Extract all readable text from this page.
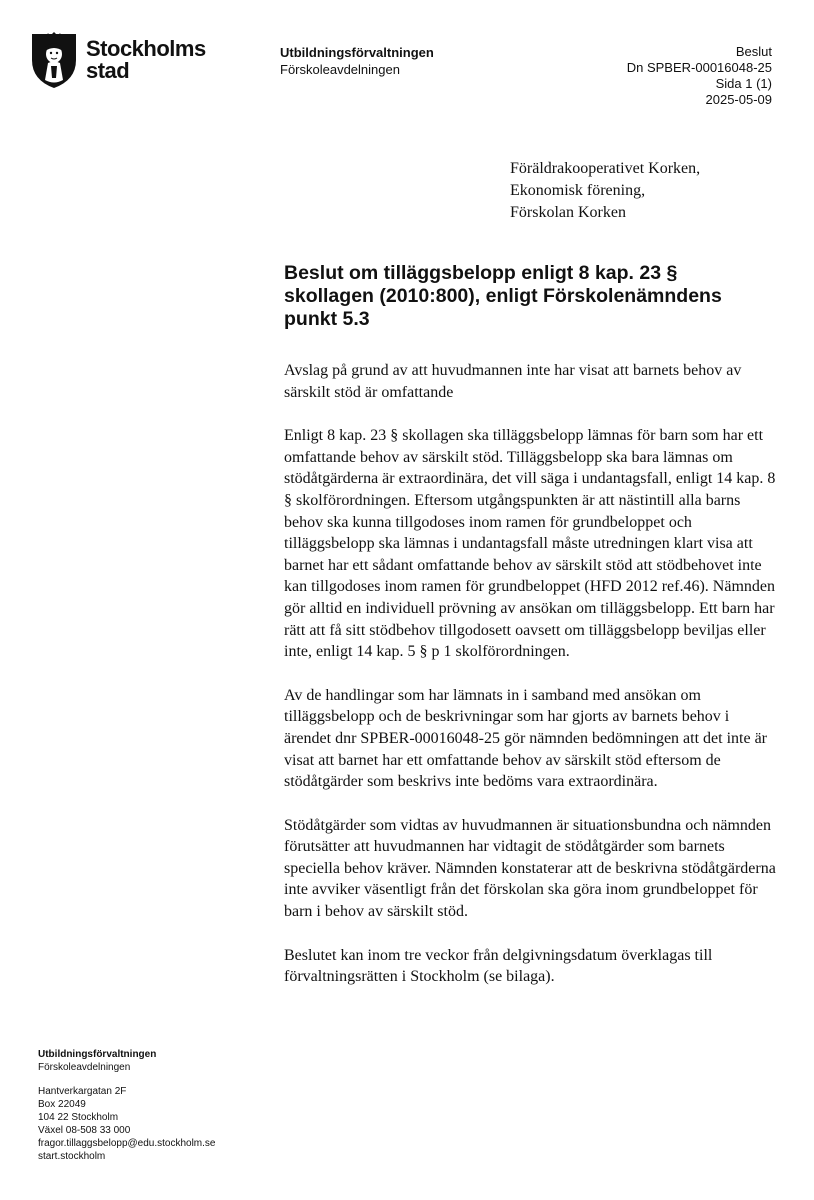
Stockholms
stad
Utbildningsförvaltningen
Förskoleavdelningen
Beslut
Dn SPBER-00016048-25
Sida 1 (1)
2025-05-09
Föräldrakooperativet Korken,
Ekonomisk förening,
Förskolan Korken
Beslut om tilläggsbelopp enligt 8 kap. 23 §
skollagen (2010:800), enligt Förskolenämndens
punkt 5.3

Avslag på grund av att huvudmannen inte har visat att barnets behov av särskilt stöd är omfattande

Enligt 8 kap. 23 § skollagen ska tilläggsbelopp lämnas för barn som har ett omfattande behov av särskilt stöd. Tilläggsbelopp ska bara lämnas om stödåtgärderna är extraordinära, det vill säga i undantagsfall, enligt 14 kap. 8 § skolförordningen. Eftersom utgångspunkten är att nästintill alla barns behov ska kunna tillgodoses inom ramen för grundbeloppet och tilläggsbelopp ska lämnas i undantagsfall måste utredningen klart visa att barnet har ett sådant omfattande behov av särskilt stöd att stödbehovet inte kan tillgodoses inom ramen för grundbeloppet (HFD 2012 ref.46). Nämnden gör alltid en individuell prövning av ansökan om tilläggsbelopp. Ett barn har rätt att få sitt stödbehov tillgodosett oavsett om tilläggsbelopp beviljas eller inte, enligt 14 kap. 5 § p 1 skolförordningen.

Av de handlingar som har lämnats in i samband med ansökan om tilläggsbelopp och de beskrivningar som har gjorts av barnets behov i ärendet dnr SPBER-00016048-25 gör nämnden bedömningen att det inte är visat att barnet har ett omfattande behov av särskilt stöd eftersom de stödåtgärder som beskrivs inte bedöms vara extraordinära.

Stödåtgärder som vidtas av huvudmannen är situationsbundna och nämnden förutsätter att huvudmannen har vidtagit de stödåtgärder som barnets speciella behov kräver. Nämnden konstaterar att de beskrivna stödåtgärderna inte avviker väsentligt från det förskolan ska göra inom grundbeloppet för barn i behov av särskilt stöd.

Beslutet kan inom tre veckor från delgivningsdatum överklagas till förvaltningsrätten i Stockholm (se bilaga).

Utbildningsförvaltningen
Förskoleavdelningen
Hantverkargatan 2F
Box 22049
104 22 Stockholm
Växel 08-508 33 000
fragor.tillaggsbelopp@edu.stockholm.se
start.stockholm
